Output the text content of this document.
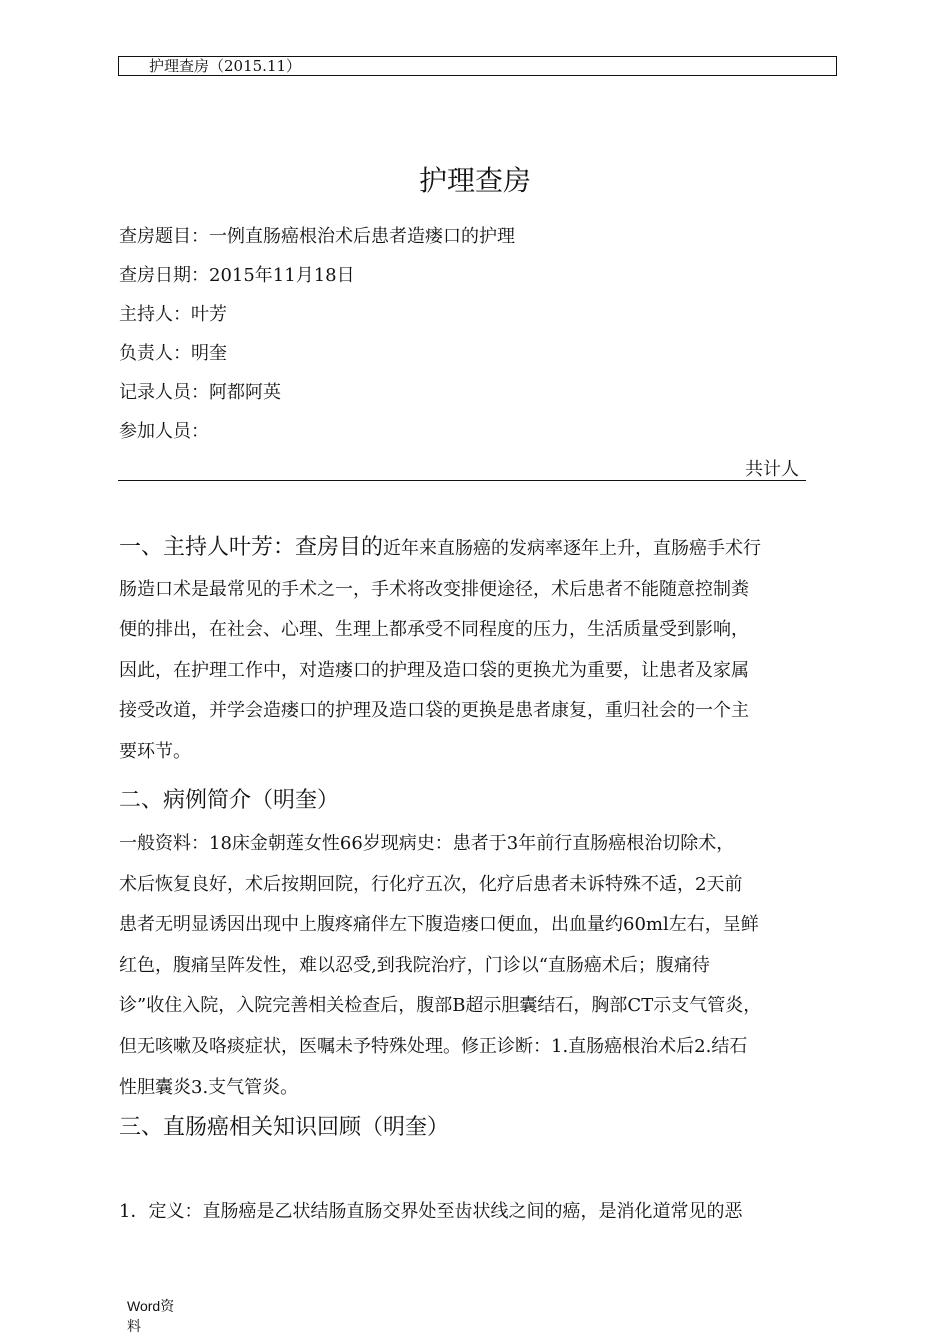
护理查房（2015.11）
护理查房
查房题目：一例直肠癌根治术后患者造瘘口的护理
查房日期：2015年11月18日
主持人：叶芳
负责人：明奎
记录人员：阿都阿英
参加人员：
共计人
一、主持人叶芳：查房目的近年来直肠癌的发病率逐年上升，直肠癌手术行
肠造口术是最常见的手术之一，手术将改变排便途径，术后患者不能随意控制粪
便的排出，在社会、心理、生理上都承受不同程度的压力，生活质量受到影响，
因此，在护理工作中，对造瘘口的护理及造口袋的更换尤为重要，让患者及家属
接受改道，并学会造瘘口的护理及造口袋的更换是患者康复，重归社会的一个主
要环节。
二、病例简介（明奎）
一般资料：18床金朝莲女性66岁现病史：患者于3年前行直肠癌根治切除术，
术后恢复良好，术后按期回院，行化疗五次，化疗后患者未诉特殊不适，2天前
患者无明显诱因出现中上腹疼痛伴左下腹造瘘口便血，出血量约60ml左右，呈鲜
红色，腹痛呈阵发性，难以忍受,到我院治疗，门诊以“直肠癌术后；腹痛待
诊”收住入院，入院完善相关检查后，腹部B超示胆囊结石，胸部CT示支气管炎，
但无咳嗽及咯痰症状，医嘱未予特殊处理。修正诊断：1.直肠癌根治术后2.结石
性胆囊炎3.支气管炎。
三、直肠癌相关知识回顾（明奎）
1．定义：直肠癌是乙状结肠直肠交界处至齿状线之间的癌，是消化道常见的恶
Word资
料
